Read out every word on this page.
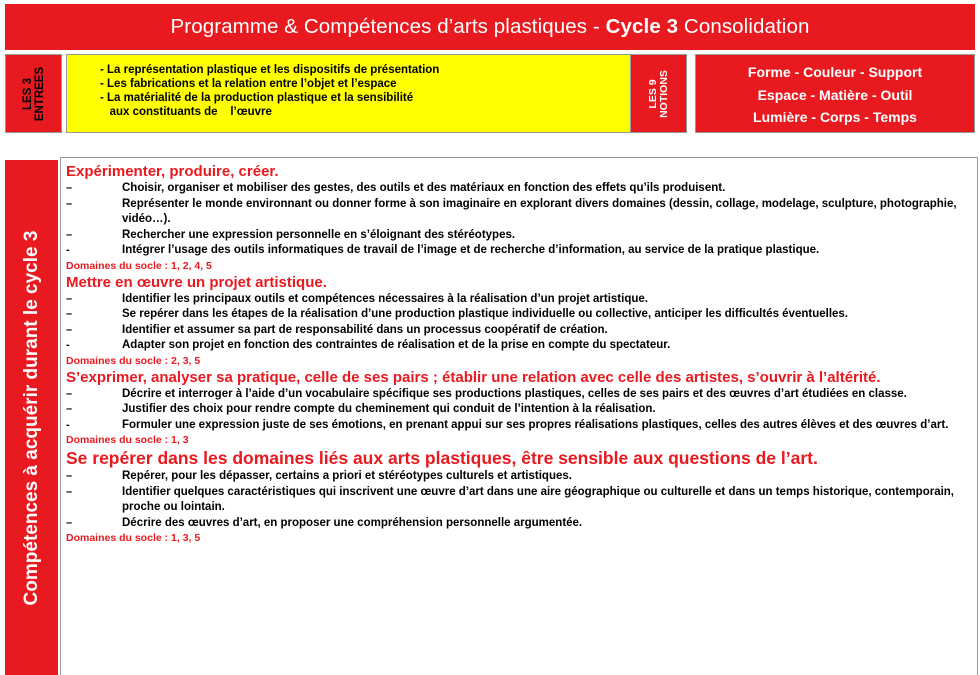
Programme & Compétences d’arts plastiques - Cycle 3 Consolidation
LES 3 ENTREES	- La représentation plastique et les dispositifs de présentation
- Les fabrications et la relation entre l’objet et l’espace
- La matérialité de la production plastique et la sensibilité
aux constituants de    l’œuvre
LES 9 NOTIONS	Forme - Couleur - Support
Espace - Matière - Outil
Lumière - Corps - Temps
Compétences à acquérir durant le cycle 3
Expérimenter, produire, créer.
–	Choisir, organiser et mobiliser des gestes, des outils et des matériaux en fonction des effets qu’ils produisent.
–	Représenter le monde environnant ou donner forme à son imaginaire en explorant divers domaines (dessin, collage, modelage, sculpture, photographie, vidéo…).
–	Rechercher une expression personnelle en s’éloignant des stéréotypes.
-	Intégrer l’usage des outils informatiques de travail de l’image et de recherche d’information, au service de la pratique plastique.
Domaines du socle : 1, 2, 4, 5
Mettre en œuvre un projet artistique.
–	Identifier les principaux outils et compétences nécessaires à la réalisation d’un projet artistique.
–	Se repérer dans les étapes de la réalisation d’une production plastique individuelle ou collective, anticiper les difficultés éventuelles.
–	Identifier et assumer sa part de responsabilité dans un processus coopératif de création.
-	Adapter son projet en fonction des contraintes de réalisation et de la prise en compte du spectateur.
Domaines du socle : 2, 3, 5
S’exprimer, analyser sa pratique, celle de ses pairs ; établir une relation avec celle des artistes, s’ouvrir à l’altérité.
–	Décrire et interroger à l’aide d’un vocabulaire spécifique ses productions plastiques, celles de ses pairs et des œuvres d’art étudiées en classe.
–	Justifier des choix pour rendre compte du cheminement qui conduit de l’intention à la réalisation.
-	Formuler une expression juste de ses émotions, en prenant appui sur ses propres réalisations plastiques, celles des autres élèves et des œuvres d’art.
Domaines du socle : 1, 3
Se repérer dans les domaines liés aux arts plastiques, être sensible aux questions de l’art.
–	Repérer, pour les dépasser, certains a priori et stéréotypes culturels et artistiques.
–	Identifier quelques caractéristiques qui inscrivent une œuvre d’art dans une aire géographique ou culturelle et dans un temps historique, contemporain, proche ou lointain.
–	Décrire des œuvres d’art, en proposer une compréhension personnelle argumentée.
Domaines du socle : 1, 3, 5
